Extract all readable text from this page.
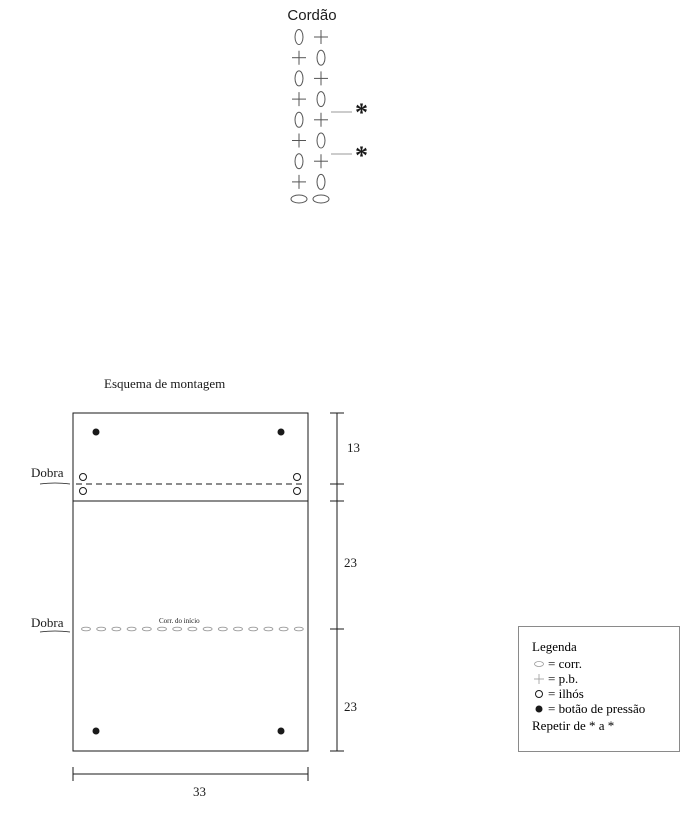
Cordão
*
*
Esquema de montagem
Dobra
Dobra	Corr. do início
13
23
23
33
Legenda
= corr.
= p.b.
= ilhós
= botão de pressão
Repetir de * a *
